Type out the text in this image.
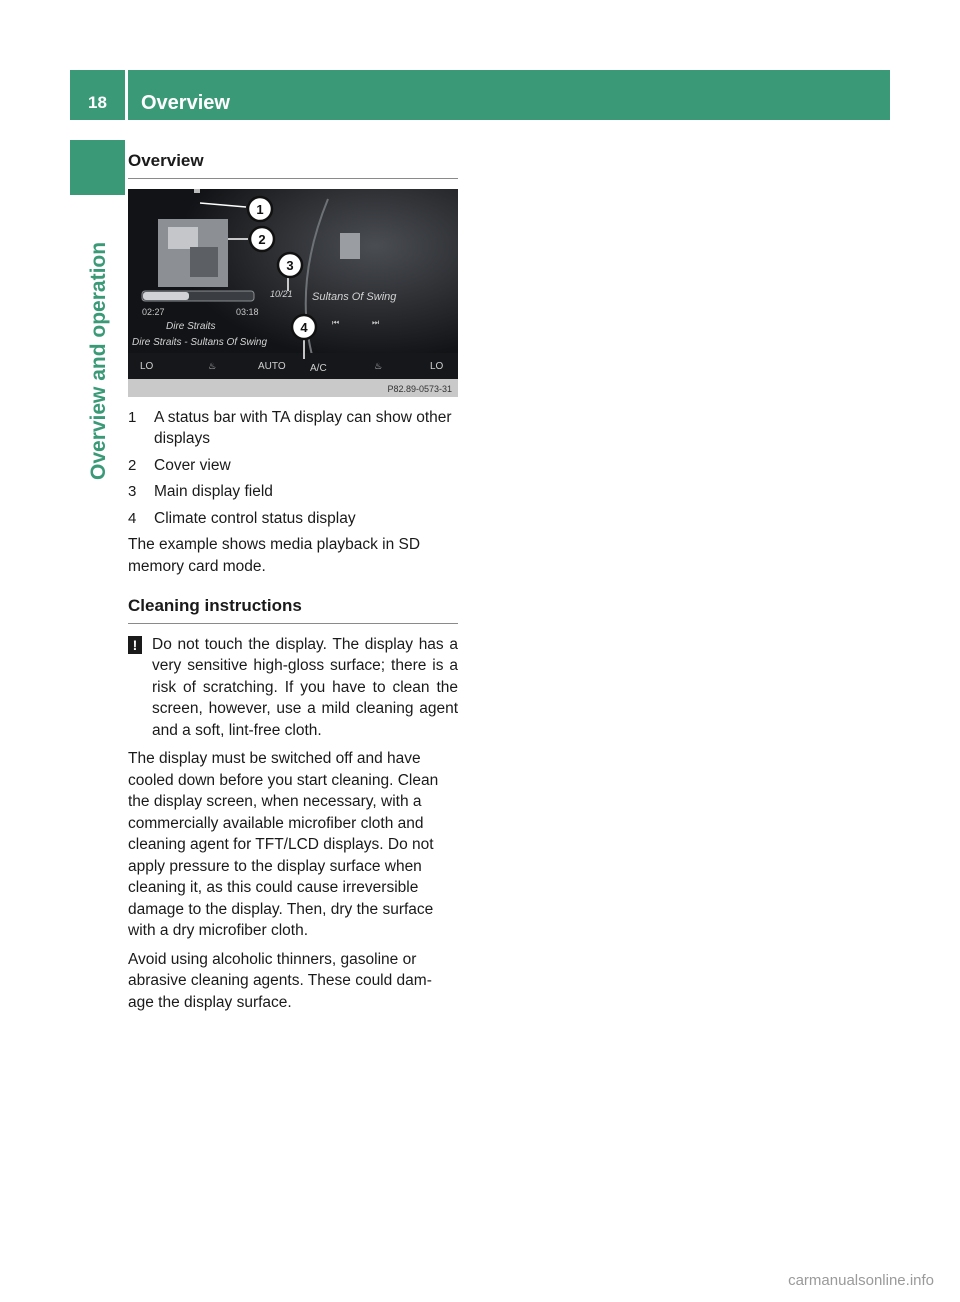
18	Overview
Overview and operation
Overview
02:27	03:18
Dire Straits
Dire Straits - Sultans Of Swing
10/21 Sultans Of Swing
⏮	⏭
LO	♨	AUTO A/C	♨	LO
1
2
3
4
P82.89-0573-31
1	A status bar with TA display can show other displays
2	Cover view
3	Main display field
4	Climate control status display

The example shows media playback in SD memory card mode.

Cleaning instructions
! Do not touch the display. The display has a very sensitive high-gloss surface; there is a risk of scratching. If you have to clean the screen, however, use a mild cleaning agent and a soft, lint-free cloth.

The display must be switched off and have cooled down before you start cleaning. Clean the display screen, when necessary, with a commercially available microfiber cloth and cleaning agent for TFT/LCD displays. Do not apply pressure to the display surface when cleaning it, as this could cause irreversible damage to the display. Then, dry the surface with a dry microfiber cloth.

Avoid using alcoholic thinners, gasoline or abrasive cleaning agents. These could dam- age the display surface.

carmanualsonline.info
